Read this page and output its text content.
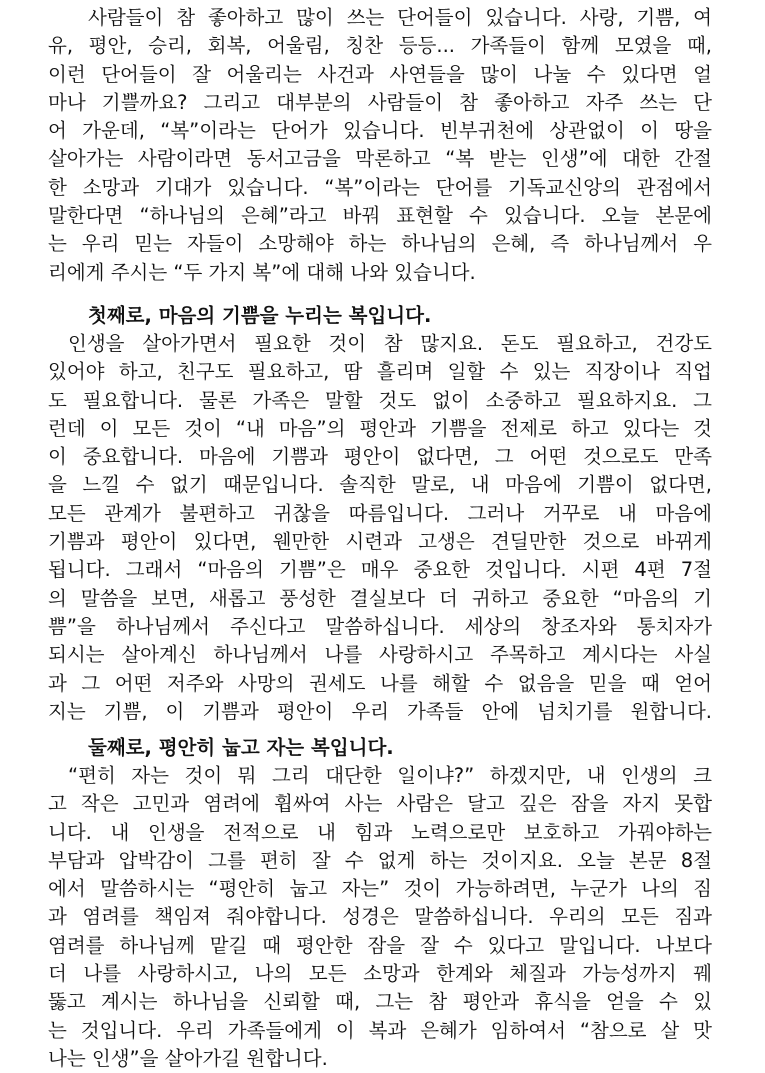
사람들이 참 좋아하고 많이 쓰는 단어들이 있습니다. 사랑, 기쁨, 여
유, 평안, 승리, 회복, 어울림, 칭찬 등등... 가족들이 함께 모였을 때,
이런 단어들이 잘 어울리는 사건과 사연들을 많이 나눌 수 있다면 얼
마나 기쁠까요? 그리고 대부분의 사람들이 참 좋아하고 자주 쓰는 단
어 가운데, “복”이라는 단어가 있습니다. 빈부귀천에 상관없이 이 땅을
살아가는 사람이라면 동서고금을 막론하고 “복 받는 인생”에 대한 간절
한 소망과 기대가 있습니다. “복”이라는 단어를 기독교신앙의 관점에서
말한다면 “하나님의 은혜”라고 바꿔 표현할 수 있습니다. 오늘 본문에
는 우리 믿는 자들이 소망해야 하는 하나님의 은혜, 즉 하나님께서 우
리에게 주시는 “두 가지 복”에 대해 나와 있습니다.
첫째로, 마음의 기쁨을 누리는 복입니다.
인생을 살아가면서 필요한 것이 참 많지요. 돈도 필요하고, 건강도
있어야 하고, 친구도 필요하고, 땀 흘리며 일할 수 있는 직장이나 직업
도 필요합니다. 물론 가족은 말할 것도 없이 소중하고 필요하지요. 그
런데 이 모든 것이 “내 마음”의 평안과 기쁨을 전제로 하고 있다는 것
이 중요합니다. 마음에 기쁨과 평안이 없다면, 그 어떤 것으로도 만족
을 느낄 수 없기 때문입니다. 솔직한 말로, 내 마음에 기쁨이 없다면,
모든 관계가 불편하고 귀찮을 따름입니다. 그러나 거꾸로 내 마음에
기쁨과 평안이 있다면, 웬만한 시련과 고생은 견딜만한 것으로 바뀌게
됩니다. 그래서 “마음의 기쁨”은 매우 중요한 것입니다. 시편 4편 7절
의 말씀을 보면, 새롭고 풍성한 결실보다 더 귀하고 중요한 “마음의 기
쁨”을 하나님께서 주신다고 말씀하십니다. 세상의 창조자와 통치자가
되시는 살아계신 하나님께서 나를 사랑하시고 주목하고 계시다는 사실
과 그 어떤 저주와 사망의 권세도 나를 해할 수 없음을 믿을 때 얻어
지는 기쁨, 이 기쁨과 평안이 우리 가족들 안에 넘치기를 원합니다.
둘째로, 평안히 눕고 자는 복입니다.
“편히 자는 것이 뭐 그리 대단한 일이냐?” 하겠지만, 내 인생의 크
고 작은 고민과 염려에 휩싸여 사는 사람은 달고 깊은 잠을 자지 못합
니다. 내 인생을 전적으로 내 힘과 노력으로만 보호하고 가꿔야하는
부담과 압박감이 그를 편히 잘 수 없게 하는 것이지요. 오늘 본문 8절
에서 말씀하시는 “평안히 눕고 자는” 것이 가능하려면, 누군가 나의 짐
과 염려를 책임져 줘야합니다. 성경은 말씀하십니다. 우리의 모든 짐과
염려를 하나님께 맡길 때 평안한 잠을 잘 수 있다고 말입니다. 나보다
더 나를 사랑하시고, 나의 모든 소망과 한계와 체질과 가능성까지 꿰
뚫고 계시는 하나님을 신뢰할 때, 그는 참 평안과 휴식을 얻을 수 있
는 것입니다. 우리 가족들에게 이 복과 은혜가 임하여서 “참으로 살 맛
나는 인생”을 살아가길 원합니다.
